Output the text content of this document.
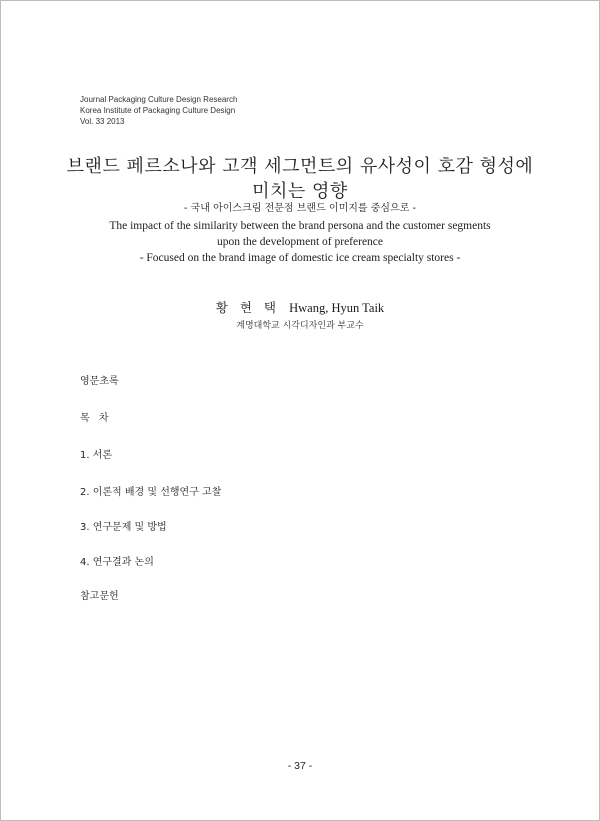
Journal Packaging Culture Design Research
Korea Institute of Packaging Culture Design
Vol. 33 2013
브랜드 페르소나와 고객 세그먼트의 유사성이 호감 형성에
미치는 영향
- 국내 아이스크림 전문점 브랜드 이미지를 중심으로 -
The impact of the similarity between the brand persona and the customer segments
upon the development of preference
- Focused on the brand image of domestic ice cream specialty stores -
황 현 택 Hwang, Hyun Taik
계명대학교 시각디자인과 부교수
영문초록
목 차
1. 서론
2. 이론적 배경 및 선행연구 고찰
3. 연구문제 및 방법
4. 연구결과 논의
참고문헌
- 37 -
